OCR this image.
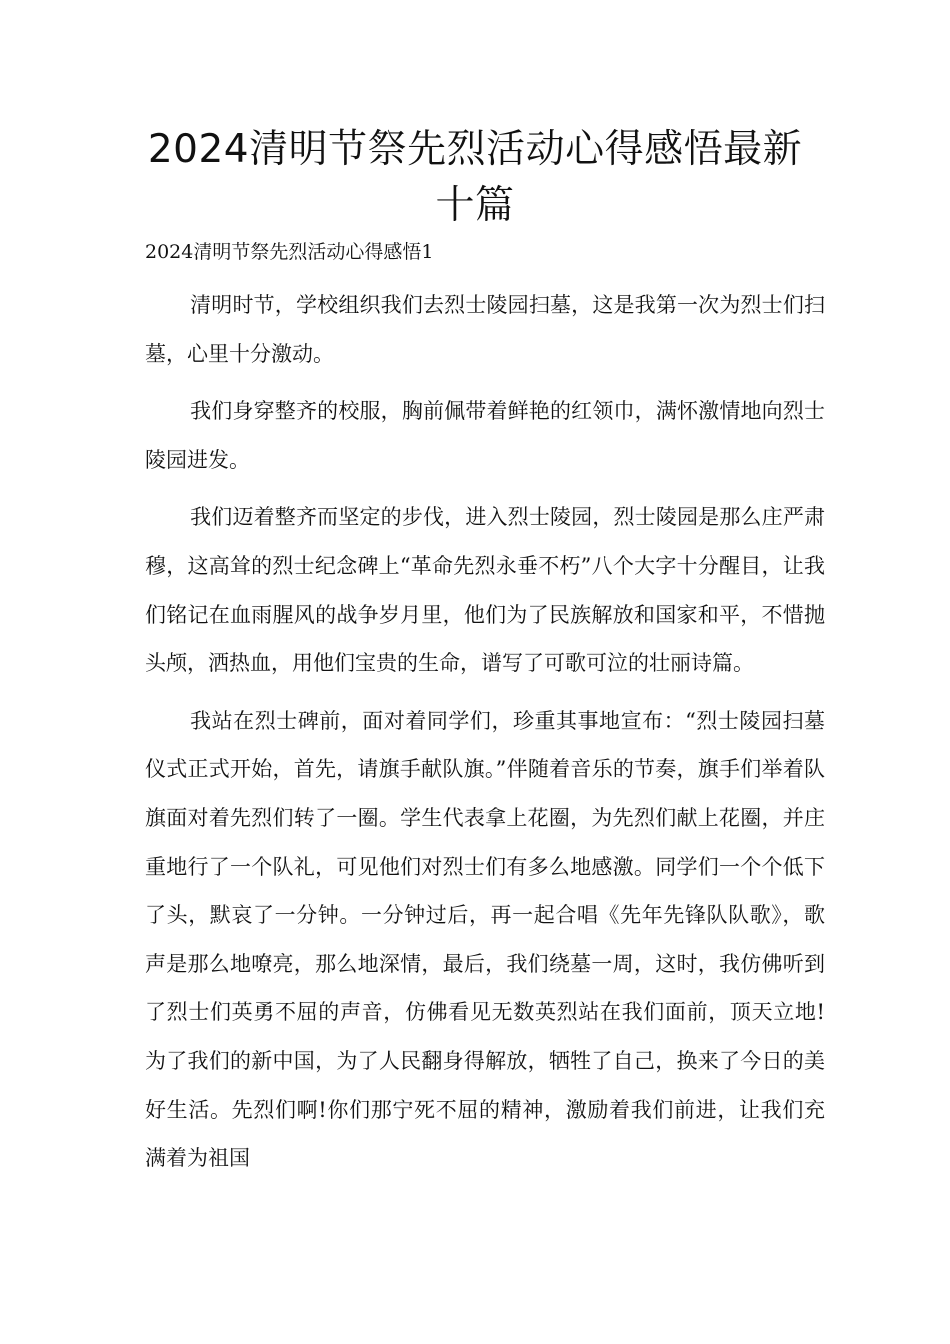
2024清明节祭先烈活动心得感悟最新十篇

2024清明节祭先烈活动心得感悟1

清明时节，学校组织我们去烈士陵园扫墓，这是我第一次为烈士们扫墓，心里十分激动。

我们身穿整齐的校服，胸前佩带着鲜艳的红领巾，满怀激情地向烈士陵园进发。

我们迈着整齐而坚定的步伐，进入烈士陵园，烈士陵园是那么庄严肃穆，这高耸的烈士纪念碑上“革命先烈永垂不朽”八个大字十分醒目，让我们铭记在血雨腥风的战争岁月里，他们为了民族解放和国家和平，不惜抛头颅，洒热血，用他们宝贵的生命，谱写了可歌可泣的壮丽诗篇。

我站在烈士碑前，面对着同学们，珍重其事地宣布：“烈士陵园扫墓仪式正式开始，首先，请旗手献队旗。”伴随着音乐的节奏，旗手们举着队旗面对着先烈们转了一圈。学生代表拿上花圈，为先烈们献上花圈，并庄重地行了一个队礼，可见他们对烈士们有多么地感激。同学们一个个低下了头，默哀了一分钟。一分钟过后，再一起合唱《先年先锋队队歌》，歌声是那么地嘹亮，那么地深情，最后，我们绕墓一周，这时，我仿佛听到了烈士们英勇不屈的声音，仿佛看见无数英烈站在我们面前，顶天立地!为了我们的新中国，为了人民翻身得解放，牺牲了自己，换来了今日的美好生活。先烈们啊!你们那宁死不屈的精神，激励着我们前进，让我们充满着为祖国
